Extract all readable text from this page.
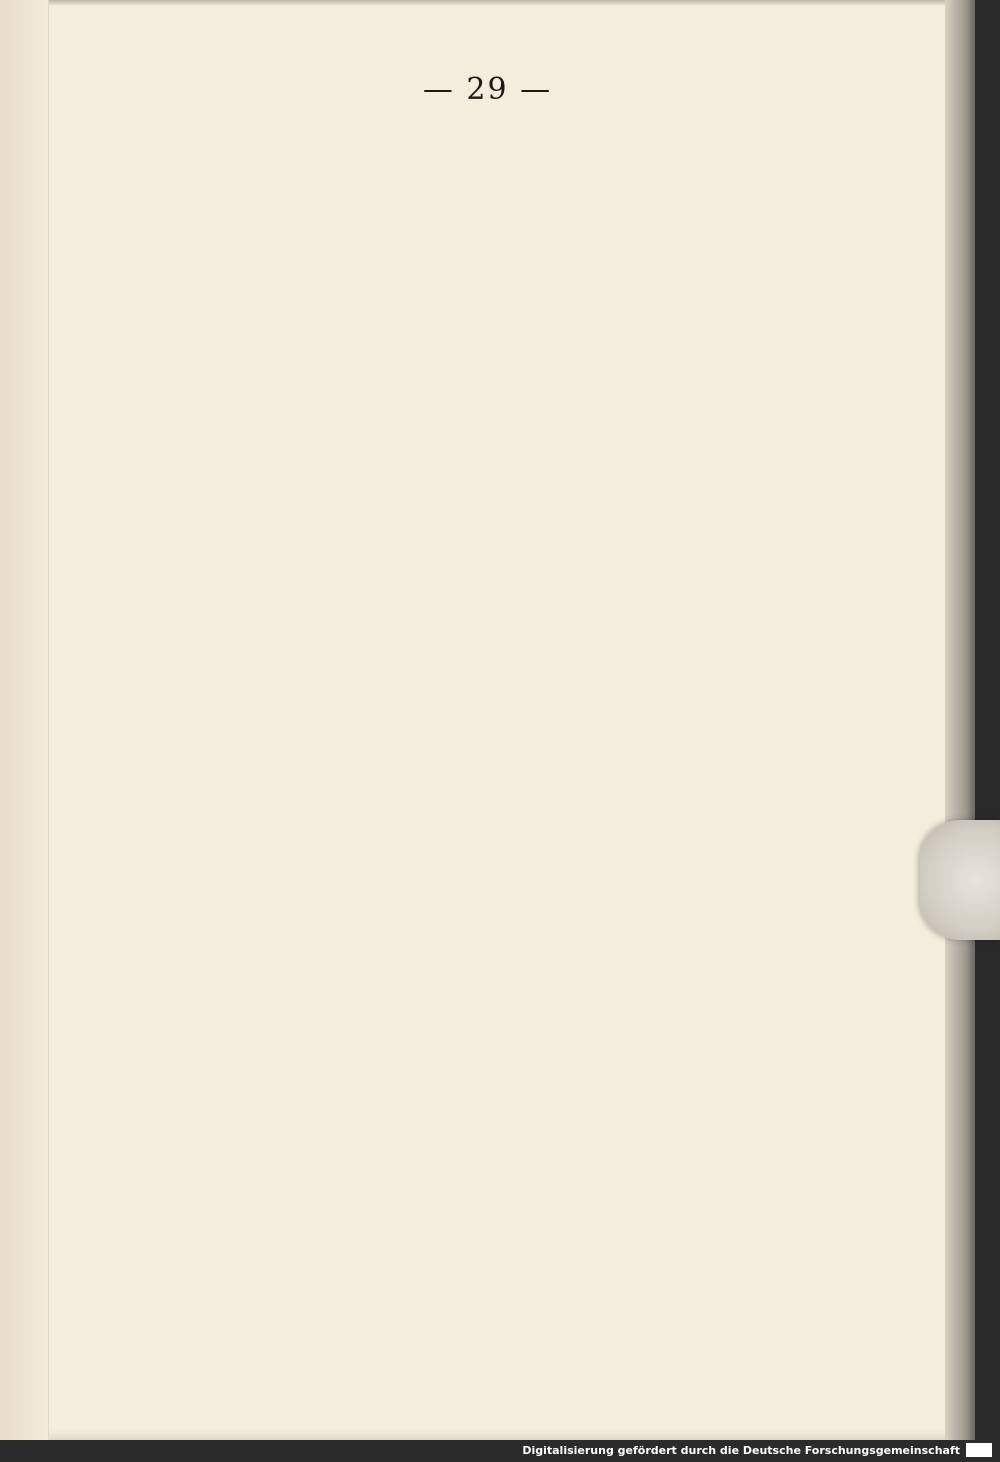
— 29 —
Digitalisierung gefördert durch die Deutsche Forschungsgemeinschaft
